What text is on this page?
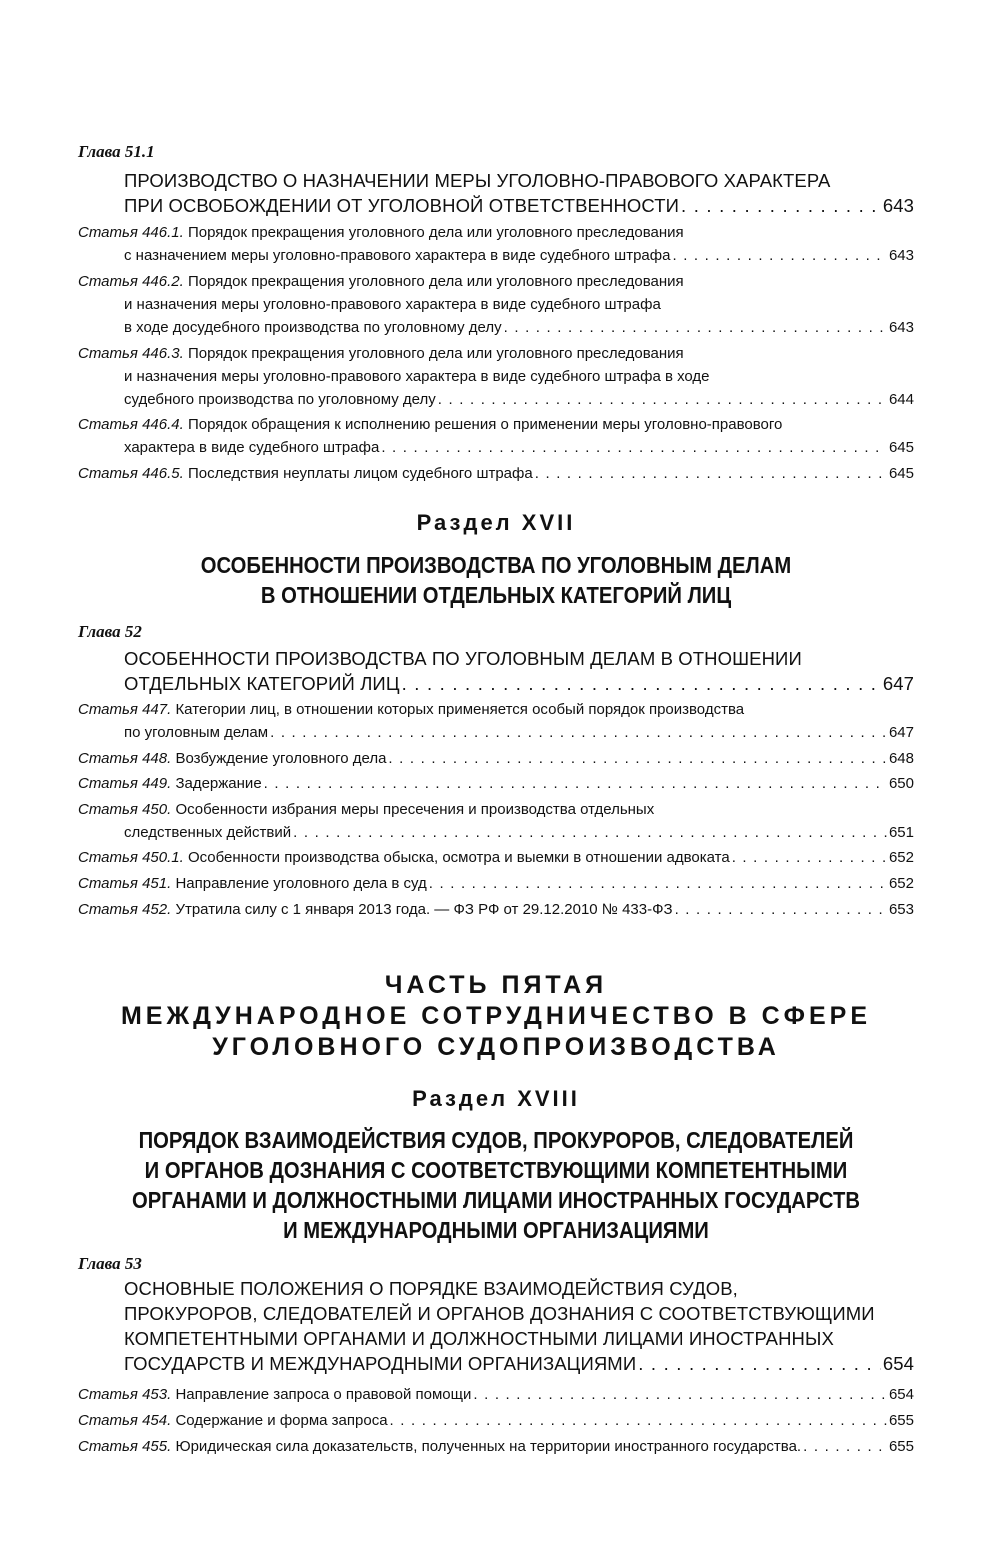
Глава 51.1
ПРОИЗВОДСТВО О НАЗНАЧЕНИИ МЕРЫ УГОЛОВНО-ПРАВОВОГО ХАРАКТЕРА
ПРИ ОСВОБОЖДЕНИИ ОТ УГОЛОВНОЙ ОТВЕТСТВЕННОСТИ . . .	643
Статья 446.1. Порядок прекращения уголовного дела или уголовного преследования
с назначением меры уголовно-правового характера в виде судебного штрафа . . .	643
Статья 446.2. Порядок прекращения уголовного дела или уголовного преследования
и назначения меры уголовно-правового характера в виде судебного штрафа
в ходе досудебного производства по уголовному делу . . .	643
Статья 446.3. Порядок прекращения уголовного дела или уголовного преследования
и назначения меры уголовно-правового характера в виде судебного штрафа в ходе
судебного производства по уголовному делу . . .	644
Статья 446.4. Порядок обращения к исполнению решения о применении меры уголовно-правового
характера в виде судебного штрафа . . .	645
Статья 446.5. Последствия неуплаты лицом судебного штрафа . . .	645
Раздел XVII
ОСОБЕННОСТИ ПРОИЗВОДСТВА ПО УГОЛОВНЫМ ДЕЛАМ
В ОТНОШЕНИИ ОТДЕЛЬНЫХ КАТЕГОРИЙ ЛИЦ
Глава 52
ОСОБЕННОСТИ ПРОИЗВОДСТВА ПО УГОЛОВНЫМ ДЕЛАМ В ОТНОШЕНИИ
ОТДЕЛЬНЫХ КАТЕГОРИЙ ЛИЦ . . .	647
Статья 447. Категории лиц, в отношении которых применяется особый порядок производства
по уголовным делам . . .	647
Статья 448. Возбуждение уголовного дела . . .	648
Статья 449. Задержание . . .	650
Статья 450. Особенности избрания меры пресечения и производства отдельных
следственных действий . . .	651
Статья 450.1. Особенности производства обыска, осмотра и выемки в отношении адвоката . . .	652
Статья 451. Направление уголовного дела в суд . . .	652
Статья 452. Утратила силу с 1 января 2013 года. — ФЗ РФ от 29.12.2010 № 433-ФЗ . . .	653
ЧАСТЬ ПЯТАЯ
МЕЖДУНАРОДНОЕ СОТРУДНИЧЕСТВО В СФЕРЕ
УГОЛОВНОГО СУДОПРОИЗВОДСТВА
Раздел XVIII
ПОРЯДОК ВЗАИМОДЕЙСТВИЯ СУДОВ, ПРОКУРОРОВ, СЛЕДОВАТЕЛЕЙ
И ОРГАНОВ ДОЗНАНИЯ С СООТВЕТСТВУЮЩИМИ КОМПЕТЕНТНЫМИ
ОРГАНАМИ И ДОЛЖНОСТНЫМИ ЛИЦАМИ ИНОСТРАННЫХ ГОСУДАРСТВ
И МЕЖДУНАРОДНЫМИ ОРГАНИЗАЦИЯМИ
Глава 53
ОСНОВНЫЕ ПОЛОЖЕНИЯ О ПОРЯДКЕ ВЗАИМОДЕЙСТВИЯ СУДОВ,
ПРОКУРОРОВ, СЛЕДОВАТЕЛЕЙ И ОРГАНОВ ДОЗНАНИЯ С СООТВЕТСТВУЮЩИМИ
КОМПЕТЕНТНЫМИ ОРГАНАМИ И ДОЛЖНОСТНЫМИ ЛИЦАМИ ИНОСТРАННЫХ
ГОСУДАРСТВ И МЕЖДУНАРОДНЫМИ ОРГАНИЗАЦИЯМИ . . .	654
Статья 453. Направление запроса о правовой помощи . . .	654
Статья 454. Содержание и форма запроса . . .	655
Статья 455. Юридическая сила доказательств, полученных на территории иностранного государства. . . .	655
